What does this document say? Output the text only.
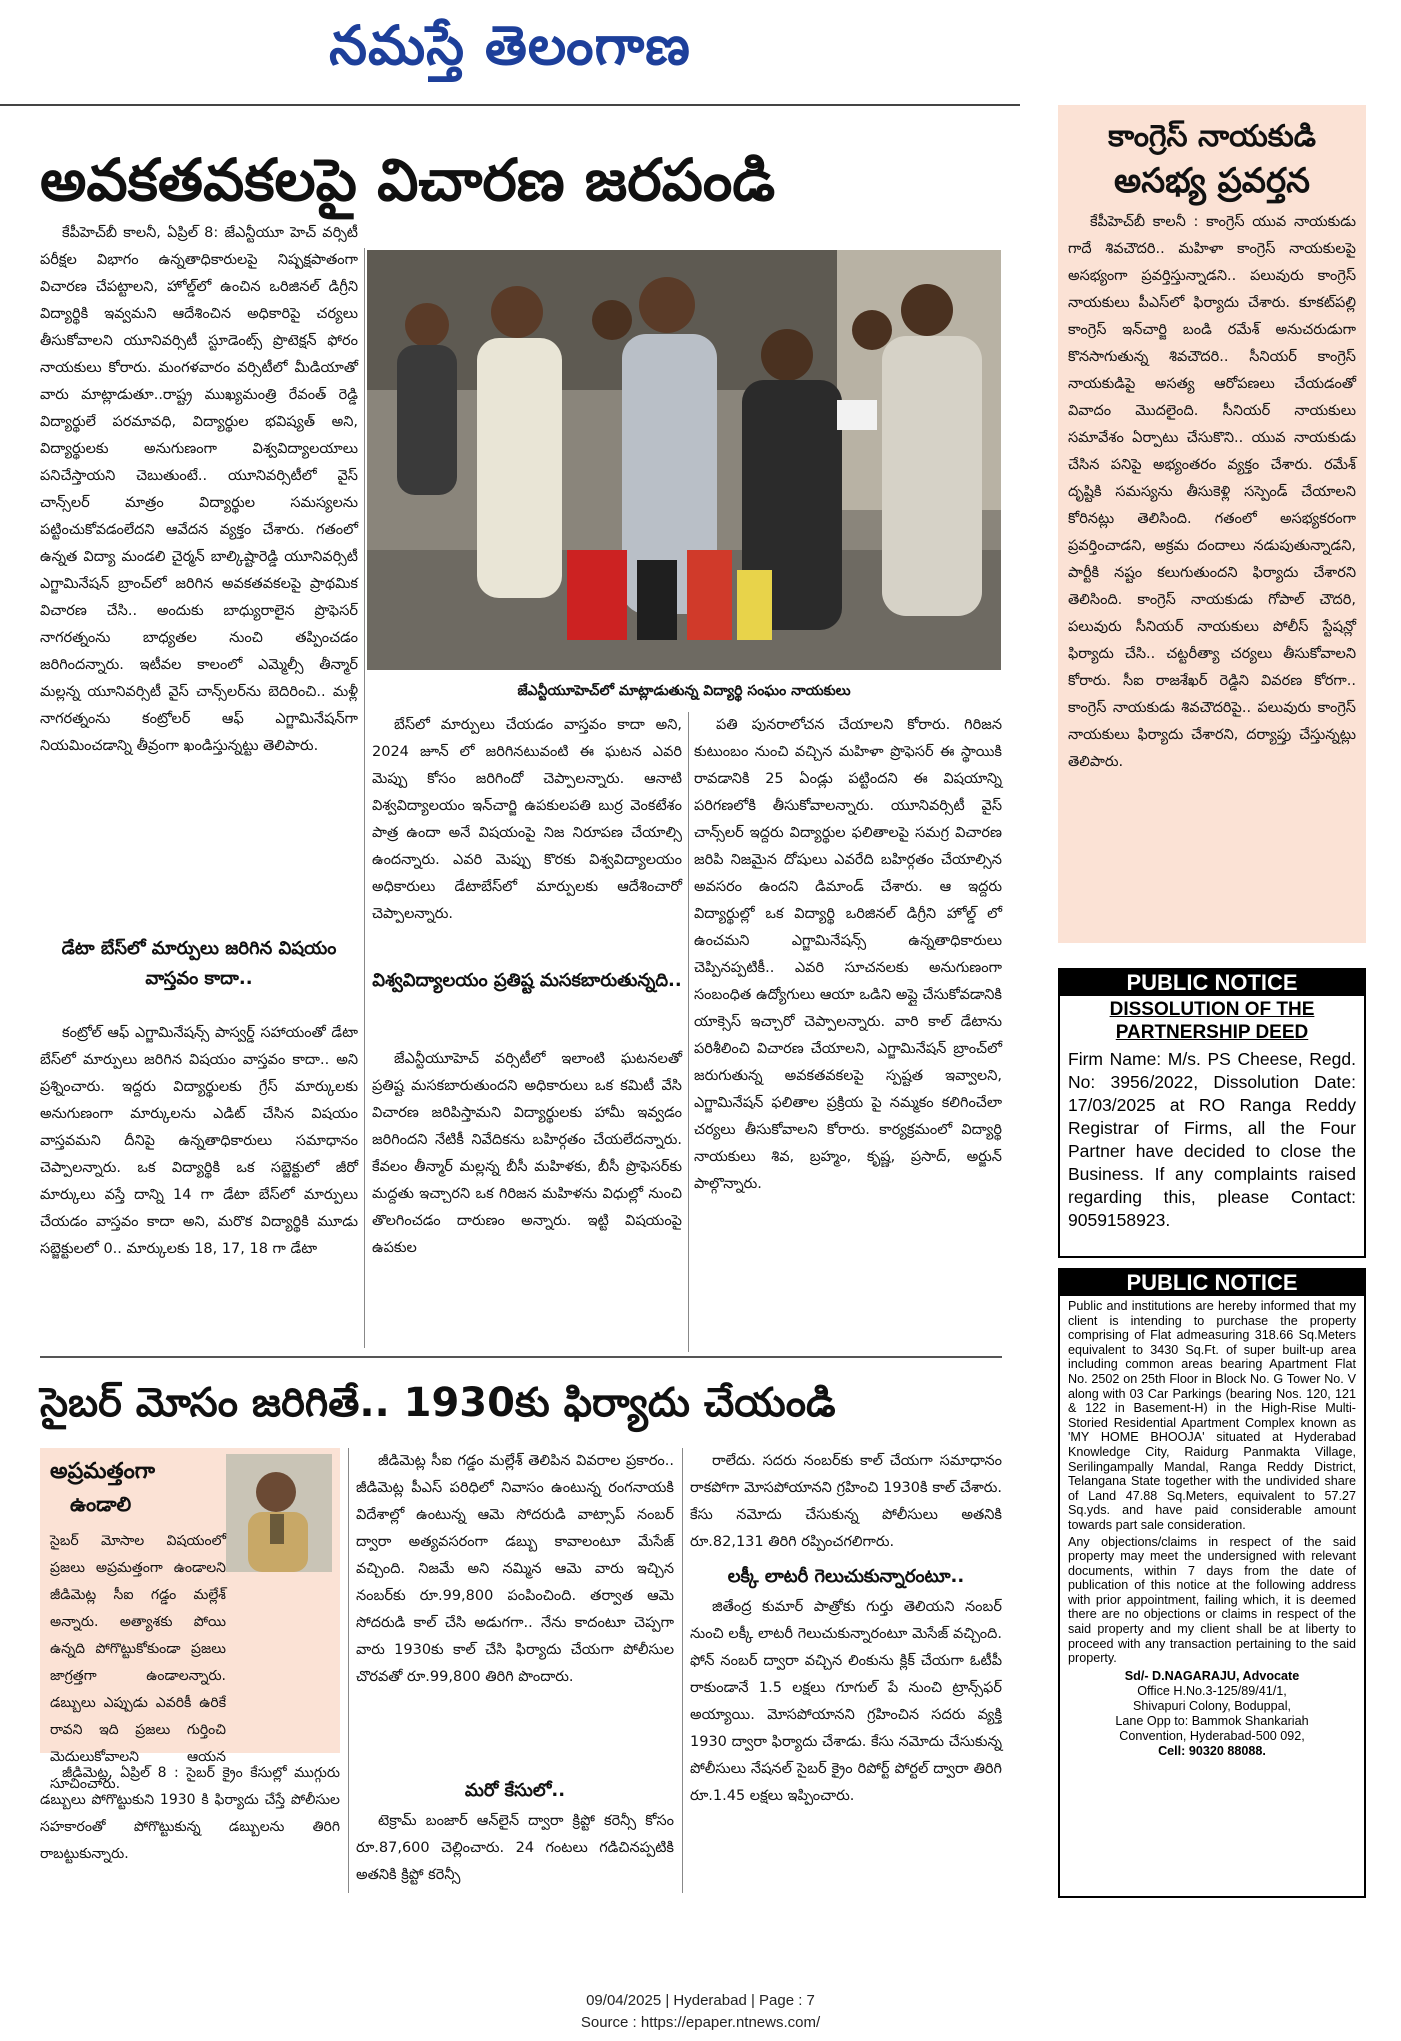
నమస్తే తెలంగాణ
అవకతవకలపై విచారణ జరపండి

కేపీహెచ్‌బీ కాలనీ, ఏప్రిల్‌ 8: జేఎన్టీయూ హెచ్‌ వర్సిటీ పరీక్షల విభాగం ఉన్నతాధికారులపై నిష్పక్షపాతంగా విచారణ చేపట్టాలని, హోల్డ్‌లో ఉంచిన ఒరిజినల్‌ డిగ్రీని విద్యార్థికి ఇవ్వమని ఆదేశించిన అధికారిపై చర్యలు తీసుకోవాలని యూనివర్సిటీ స్టూడెంట్స్‌ ప్రొటెక్షన్‌ ఫోరం నాయకులు కోరారు. మంగళవారం వర్సిటీలో మీడియాతో వారు మాట్లాడుతూ..రాష్ట్ర ముఖ్యమంత్రి రేవంత్‌ రెడ్డి విద్యార్థులే పరమావధి, విద్యార్థుల భవిష్యత్‌ అని, విద్యార్థులకు అనుగుణంగా విశ్వవిద్యాలయాలు పనిచేస్తాయని చెబుతుంటే.. యూనివర్సిటీలో వైస్‌ చాన్స్‌లర్‌ మాత్రం విద్యార్థుల సమస్యలను పట్టించుకోవడంలేదని ఆవేదన వ్యక్తం చేశారు. గతంలో ఉన్నత విద్యా మండలి చైర్మన్‌ బాల్కిష్టారెడ్డి యూనివర్సిటీ ఎగ్జామినేషన్‌ బ్రాంచ్‌లో జరిగిన అవకతవకలపై ప్రాథమిక విచారణ చేసి.. అందుకు బాధ్యురాలైన ప్రొఫెసర్‌ నాగరత్నంను బాధ్యతల నుంచి తప్పించడం జరిగిందన్నారు. ఇటీవల కాలంలో ఎమ్మెల్సీ తీన్మార్‌ మల్లన్న యూనివర్సిటీ వైస్‌ చాన్స్‌లర్‌ను బెదిరించి.. మళ్లీ నాగరత్నంను కంట్రోలర్‌ ఆఫ్‌ ఎగ్జామినేషన్‌గా నియమించడాన్ని తీవ్రంగా ఖండిస్తున్నట్టు తెలిపారు.

డేటా బేస్‌లో మార్పులు జరిగిన విషయం వాస్తవం కాదా..

కంట్రోల్‌ ఆఫ్‌ ఎగ్జామినేషన్స్‌ పాస్వర్డ్‌ సహాయంతో డేటా బేస్‌లో మార్పులు జరిగిన విషయం వాస్తవం కాదా.. అని ప్రశ్నించారు. ఇద్దరు విద్యార్థులకు గ్రేస్‌ మార్కులకు అనుగుణంగా మార్కులను ఎడిట్‌ చేసిన విషయం వాస్తవమని దీనిపై ఉన్నతాధికారులు సమాధానం చెప్పాలన్నారు. ఒక విద్యార్థికి ఒక సబ్జెక్టులో జీరో మార్కులు వస్తే దాన్ని 14 గా డేటా బేస్‌లో మార్పులు చేయడం వాస్తవం కాదా అని, మరొక విద్యార్థికి మూడు సబ్జెక్టులలో 0.. మార్కులకు 18, 17, 18 గా డేటా

జేఎన్టీయూహెచ్‌లో మాట్లాడుతున్న విద్యార్థి సంఘం నాయకులు

బేస్‌లో మార్పులు చేయడం వాస్తవం కాదా అని, 2024 జూన్‌ లో జరిగినటువంటి ఈ ఘటన ఎవరి మెప్పు కోసం జరిగిందో చెప్పాలన్నారు. ఆనాటి విశ్వవిద్యాలయం ఇన్‌చార్జి ఉపకులపతి బుర్ర వెంకటేశం పాత్ర ఉందా అనే విషయంపై నిజ నిరూపణ చేయాల్సి ఉందన్నారు. ఎవరి మెప్పు కొరకు విశ్వవిద్యాలయం అధికారులు డేటాబేస్‌లో మార్పులకు ఆదేశించారో చెప్పాలన్నారు.

విశ్వవిద్యాలయం ప్రతిష్ట మసకబారుతున్నది..

జేఎన్టీయూహెచ్‌ వర్సిటీలో ఇలాంటి ఘటనలతో ప్రతిష్ట మసకబారుతుందని అధికారులు ఒక కమిటీ వేసి విచారణ జరిపిస్తామని విద్యార్థులకు హామీ ఇవ్వడం జరిగిందని నేటికీ నివేదికను బహిర్గతం చేయలేదన్నారు. కేవలం తీన్మార్‌ మల్లన్న బీసీ మహిళకు, బీసీ ప్రొఫెసర్‌కు మద్దతు ఇచ్చారని ఒక గిరిజన మహిళను విధుల్లో నుంచి తొలగించడం దారుణం అన్నారు. ఇట్టి విషయంపై ఉపకుల

పతి పునరాలోచన చేయాలని కోరారు. గిరిజన కుటుంబం నుంచి వచ్చిన మహిళా ప్రొఫెసర్‌ ఈ స్థాయికి రావడానికి 25 ఏండ్లు పట్టిందని ఈ విషయాన్ని పరిగణలోకి తీసుకోవాలన్నారు. యూనివర్సిటీ వైస్‌ చాన్స్‌లర్‌ ఇద్దరు విద్యార్థుల ఫలితాలపై సమగ్ర విచారణ జరిపి నిజమైన దోషులు ఎవరేది బహిర్గతం చేయాల్సిన అవసరం ఉందని డిమాండ్‌ చేశారు. ఆ ఇద్దరు విద్యార్థుల్లో ఒక విద్యార్థి ఒరిజినల్‌ డిగ్రీని హోల్డ్‌ లో ఉంచమని ఎగ్జామినేషన్స్‌ ఉన్నతాధికారులు చెప్పినప్పటికీ.. ఎవరి సూచనలకు అనుగుణంగా సంబంధిత ఉద్యోగులు ఆయా ఒడిని అప్లై చేసుకోవడానికి యాక్సెస్‌ ఇచ్చారో చెప్పాలన్నారు. వారి కాల్‌ డేటాను పరిశీలించి విచారణ చేయాలని, ఎగ్జామినేషన్‌ బ్రాంచ్‌లో జరుగుతున్న అవకతవకలపై స్పష్టత ఇవ్వాలని, ఎగ్జామినేషన్‌ ఫలితాల ప్రక్రియ పై నమ్మకం కలిగించేలా చర్యలు తీసుకోవాలని కోరారు. కార్యక్రమంలో విద్యార్థి నాయకులు శివ, బ్రహ్మం, కృష్ణ, ప్రసాద్‌, అర్జున్‌ పాల్గొన్నారు.

కాంగ్రెస్‌ నాయకుడి
అసభ్య ప్రవర్తన

కేపీహెచ్‌బీ కాలనీ : కాంగ్రెస్‌ యువ నాయకుడు గాదే శివచౌదరి.. మహిళా కాంగ్రెస్‌ నాయకులపై అసభ్యంగా ప్రవర్తిస్తున్నాడని.. పలువురు కాంగ్రెస్‌ నాయకులు పీఎస్‌లో ఫిర్యాదు చేశారు. కూకట్‌పల్లి కాంగ్రెస్‌ ఇన్‌చార్జి బండి రమేశ్‌ అనుచరుడుగా కొనసాగుతున్న శివచౌదరి.. సీనియర్‌ కాంగ్రెస్‌ నాయకుడిపై అసత్య ఆరోపణలు చేయడంతో వివాదం మొదలైంది. సీనియర్‌ నాయకులు సమావేశం ఏర్పాటు చేసుకొని.. యువ నాయకుడు చేసిన పనిపై అభ్యంతరం వ్యక్తం చేశారు. రమేశ్‌ దృష్టికి సమస్యను తీసుకెళ్లి సస్పెండ్‌ చేయాలని కోరినట్లు తెలిసింది. గతంలో అసభ్యకరంగా ప్రవర్తించాడని, అక్రమ దందాలు నడుపుతున్నాడని, పార్టీకి నష్టం కలుగుతుందని ఫిర్యాదు చేశారని తెలిసింది. కాంగ్రెస్‌ నాయకుడు గోపాల్‌ చౌదరి, పలువురు సీనియర్‌ నాయకులు పోలీస్‌ స్టేషన్లో ఫిర్యాదు చేసి.. చట్టరీత్యా చర్యలు తీసుకోవాలని కోరారు. సీఐ రాజశేఖర్‌ రెడ్డిని వివరణ కోరగా.. కాంగ్రెస్‌ నాయకుడు శివచౌదరిపై.. పలువురు కాంగ్రెస్‌ నాయకులు ఫిర్యాదు చేశారని, దర్యాప్తు చేస్తున్నట్లు తెలిపారు.

PUBLIC NOTICE
DISSOLUTION OF THE PARTNERSHIP DEED
Firm Name: M/s. PS Cheese, Regd. No: 3956/2022, Dissolution Date: 17/03/2025 at RO Ranga Reddy Registrar of Firms, all the Four Partner have decided to close the Business. If any complaints raised regarding this, please Contact: 9059158923.
PUBLIC NOTICE
Public and institutions are hereby informed that my client is intending to purchase the property comprising of Flat admeasuring 318.66 Sq.Meters equivalent to 3430 Sq.Ft. of super built-up area including common areas bearing Apartment Flat No. 2502 on 25th Floor in Block No. G Tower No. V along with 03 Car Parkings (bearing Nos. 120, 121 & 122 in Basement-H) in the High-Rise Multi-Storied Residential Apartment Complex known as 'MY HOME BHOOJA' situated at Hyderabad Knowledge City, Raidurg Panmakta Village, Serilingampally Mandal, Ranga Reddy District, Telangana State together with the undivided share of Land 47.88 Sq.Meters, equivalent to 57.27 Sq.yds. and have paid considerable amount towards part sale consideration.
Any objections/claims in respect of the said property may meet the undersigned with relevant documents, within 7 days from the date of publication of this notice at the following address with prior appointment, failing which, it is deemed there are no objections or claims in respect of the said property and my client shall be at liberty to proceed with any transaction pertaining to the said property.
Sd/- D.NAGARAJU, Advocate
Office H.No.3-125/89/41/1,
Shivapuri Colony, Boduppal,
Lane Opp to: Bammok Shankariah
Convention, Hyderabad-500 092,
Cell: 90320 88088.
సైబర్‌ మోసం జరిగితే.. 1930కు ఫిర్యాదు చేయండి
అప్రమత్తంగా
ఉండాలి

సైబర్‌ మోసాల విషయంలో ప్రజలు అప్రమత్తంగా ఉండాలని జీడిమెట్ల సీఐ గడ్డం మల్లేశ్‌ అన్నారు. అత్యాశకు పోయి ఉన్నది పోగొట్టుకోకుండా ప్రజలు జాగ్రత్తగా ఉండాలన్నారు. డబ్బులు ఎప్పుడు ఎవరికీ ఉరికే రావని ఇది ప్రజలు గుర్తించి మెదులుకోవాలని ఆయన సూచించారు.

జీడిమెట్ల, ఏప్రిల్‌ 8 : సైబర్‌ క్రైం కేసుల్లో ముగ్గురు డబ్బులు పోగొట్టుకుని 1930 కి ఫిర్యాదు చేస్తే పోలీసుల సహకారంతో పోగొట్టుకున్న డబ్బులను తిరిగి రాబట్టుకున్నారు.

జీడిమెట్ల సీఐ గడ్డం మల్లేశ్‌ తెలిపిన వివరాల ప్రకారం.. జీడిమెట్ల పీఎస్‌ పరిధిలో నివాసం ఉంటున్న రంగనాయకి విదేశాల్లో ఉంటున్న ఆమె సోదరుడి వాట్సాప్‌ నంబర్‌ ద్వారా అత్యవసరంగా డబ్బు కావాలంటూ మేసేజ్‌ వచ్చింది. నిజమే అని నమ్మిన ఆమె వారు ఇచ్చిన నంబర్‌కు రూ.99,800 పంపించింది. తర్వాత ఆమె సోదరుడి కాల్‌ చేసి అడుగగా.. నేను కాదంటూ చెప్పగా వారు 1930కు కాల్‌ చేసి ఫిర్యాదు చేయగా పోలీసుల చొరవతో రూ.99,800 తిరిగి పొందారు.

మరో కేసులో..

టెక్రామ్‌ బంజార్‌ ఆన్‌లైన్‌ ద్వారా క్రిప్టో కరెన్సీ కోసం రూ.87,600 చెల్లించారు. 24 గంటలు గడిచినప్పటికి అతనికి క్రిప్టో కరెన్సీ

రాలేదు. సదరు నంబర్‌కు కాల్‌ చేయగా సమాధానం రాకపోగా మోసపోయానని గ్రహించి 1930కి కాల్‌ చేశారు. కేసు నమోదు చేసుకున్న పోలీసులు అతనికి రూ.82,131 తిరిగి రప్పించగలిగారు.

లక్కీ లాటరీ గెలుచుకున్నారంటూ..

జితేంద్ర కుమార్‌ పాత్రోకు గుర్తు తెలియని నంబర్‌ నుంచి లక్కీ లాటరీ గెలుచుకున్నారంటూ మెసేజ్‌ వచ్చింది. ఫోన్‌ నంబర్‌ ద్వారా వచ్చిన లింకును క్లిక్‌ చేయగా ఓటీపీ రాకుండానే 1.5 లక్షలు గూగుల్‌ పే నుంచి ట్రాన్స్‌ఫర్‌ అయ్యాయి. మోసపోయానని గ్రహించిన సదరు వ్యక్తి 1930 ద్వారా ఫిర్యాదు చేశాడు. కేసు నమోదు చేసుకున్న పోలీసులు నేషనల్‌ సైబర్‌ క్రైం రిపోర్ట్‌ పోర్టల్‌ ద్వారా తిరిగి రూ.1.45 లక్షలు ఇప్పించారు.

09/04/2025 | Hyderabad | Page : 7
Source : https://epaper.ntnews.com/
